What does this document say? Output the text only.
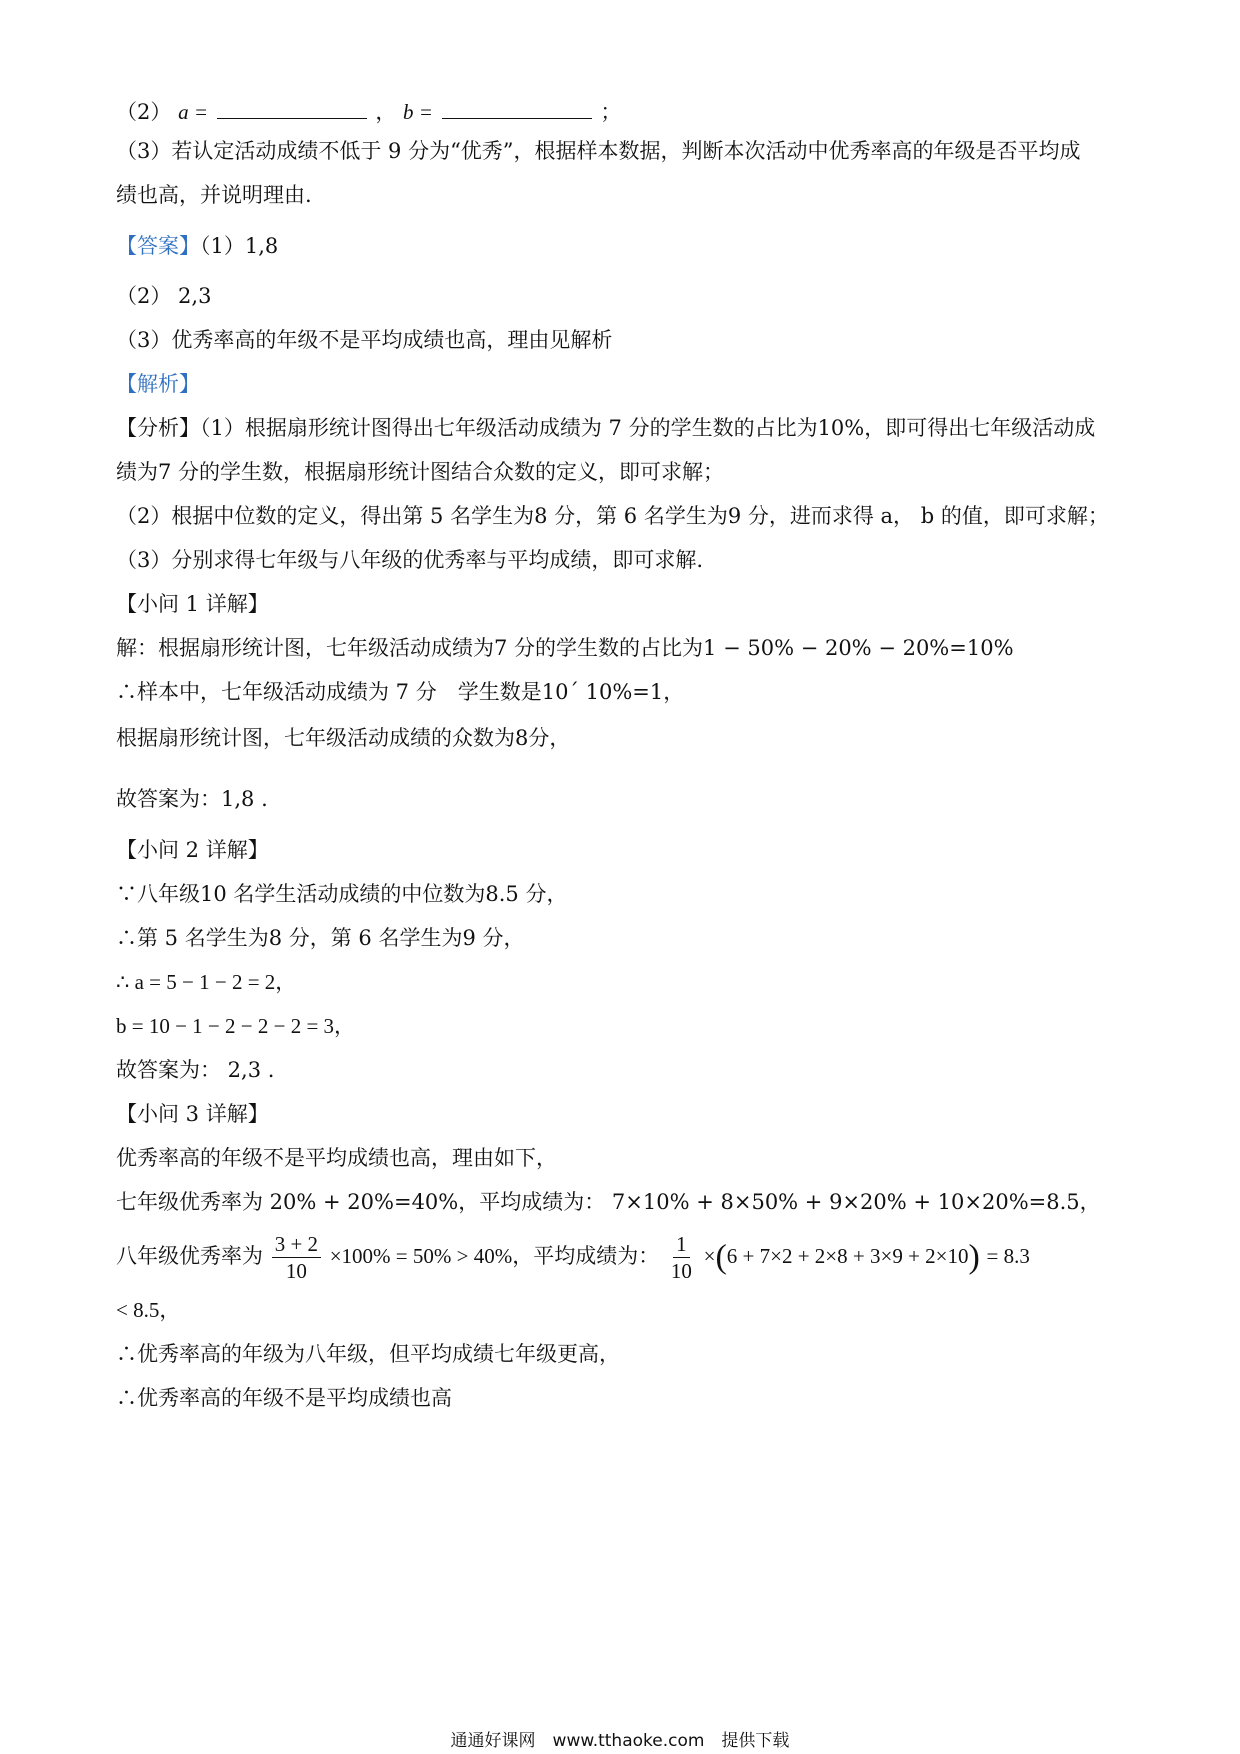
（2） a =	， b =	；
（3）若认定活动成绩不低于 9 分为“优秀”，根据样本数据，判断本次活动中优秀率高的年级是否平均成
绩也高，并说明理由.
【答案】（1）1,8
（2） 2,3
（3）优秀率高的年级不是平均成绩也高，理由见解析
【解析】
【分析】（1）根据扇形统计图得出七年级活动成绩为 7 分的学生数的占比为10%，即可得出七年级活动成
绩为7 分的学生数，根据扇形统计图结合众数的定义，即可求解；
（2）根据中位数的定义，得出第 5 名学生为8 分，第 6 名学生为9 分，进而求得 a， b 的值，即可求解；
（3）分别求得七年级与八年级的优秀率与平均成绩，即可求解.
【小问 1 详解】
解：根据扇形统计图，七年级活动成绩为7 分的学生数的占比为1 − 50% − 20% − 20%=10%
∴样本中，七年级活动成绩为 7 分　学生数是10´ 10%=1，
根据扇形统计图，七年级活动成绩的众数为8分，
故答案为：1,8 .
【小问 2 详解】
∵八年级10 名学生活动成绩的中位数为8.5 分，
∴第 5 名学生为8 分，第 6 名学生为9 分，
∴ a = 5 − 1 − 2 = 2，
b = 10 − 1 − 2 − 2 − 2 = 3，
故答案为： 2,3 .
【小问 3 详解】
优秀率高的年级不是平均成绩也高，理由如下，
七年级优秀率为 20% + 20%=40%，平均成绩为： 7×10% + 8×50% + 9×20% + 10×20%=8.5，
八年级优秀率为 $\frac{3 + 2}{10} \times 100\% = 50\% > 40\%$，平均成绩为： $\frac{1}{10} \times(6 + 7\times 2 + 2\times 8 + 3\times 9 + 2\times 10) = 8.3$
< 8.5，
∴优秀率高的年级为八年级，但平均成绩七年级更高，
∴优秀率高的年级不是平均成绩也高
通通好课网　www.tthaoke.com　提供下载
